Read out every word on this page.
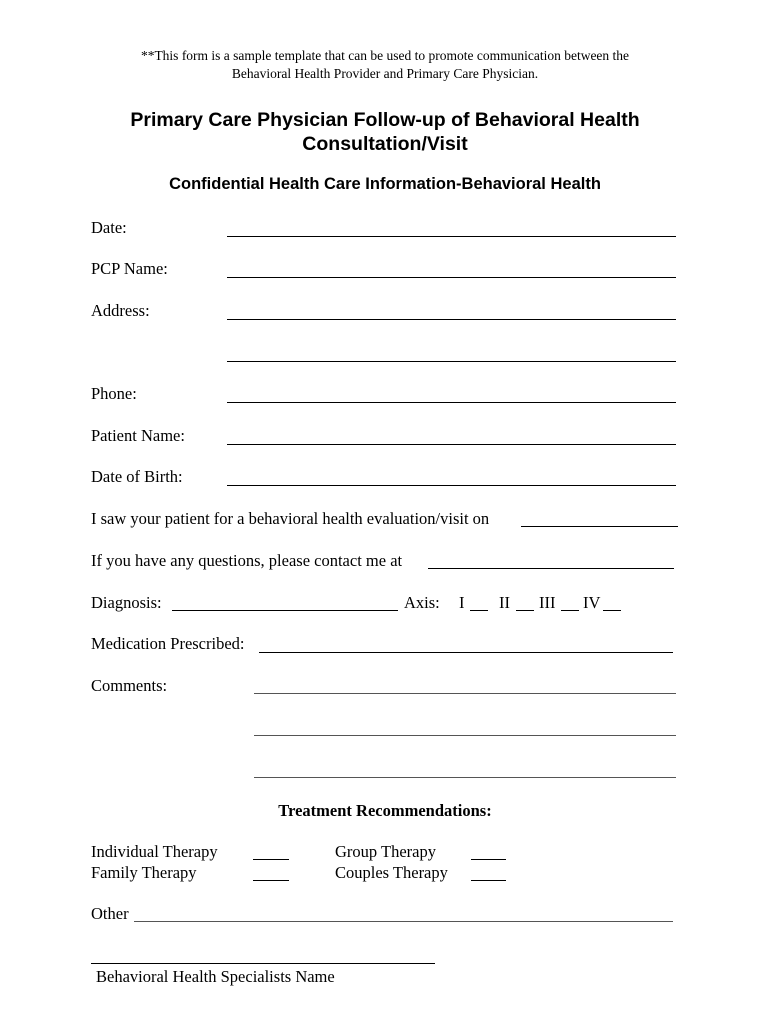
**This form is a sample template that can be used to promote communication between the
Behavioral Health Provider and Primary Care Physician.
Primary Care Physician Follow-up of Behavioral Health
Consultation/Visit
Confidential Health Care Information-Behavioral Health
Date:
PCP Name:
Address:
Phone:
Patient Name:
Date of Birth:
I saw your patient for a behavioral health evaluation/visit on
If you have any questions, please contact me at
Diagnosis:	Axis: I II III IV
Medication Prescribed:
Comments:
Treatment Recommendations:
Individual Therapy	Group Therapy
Family Therapy	Couples Therapy
Other
Behavioral Health Specialists Name
